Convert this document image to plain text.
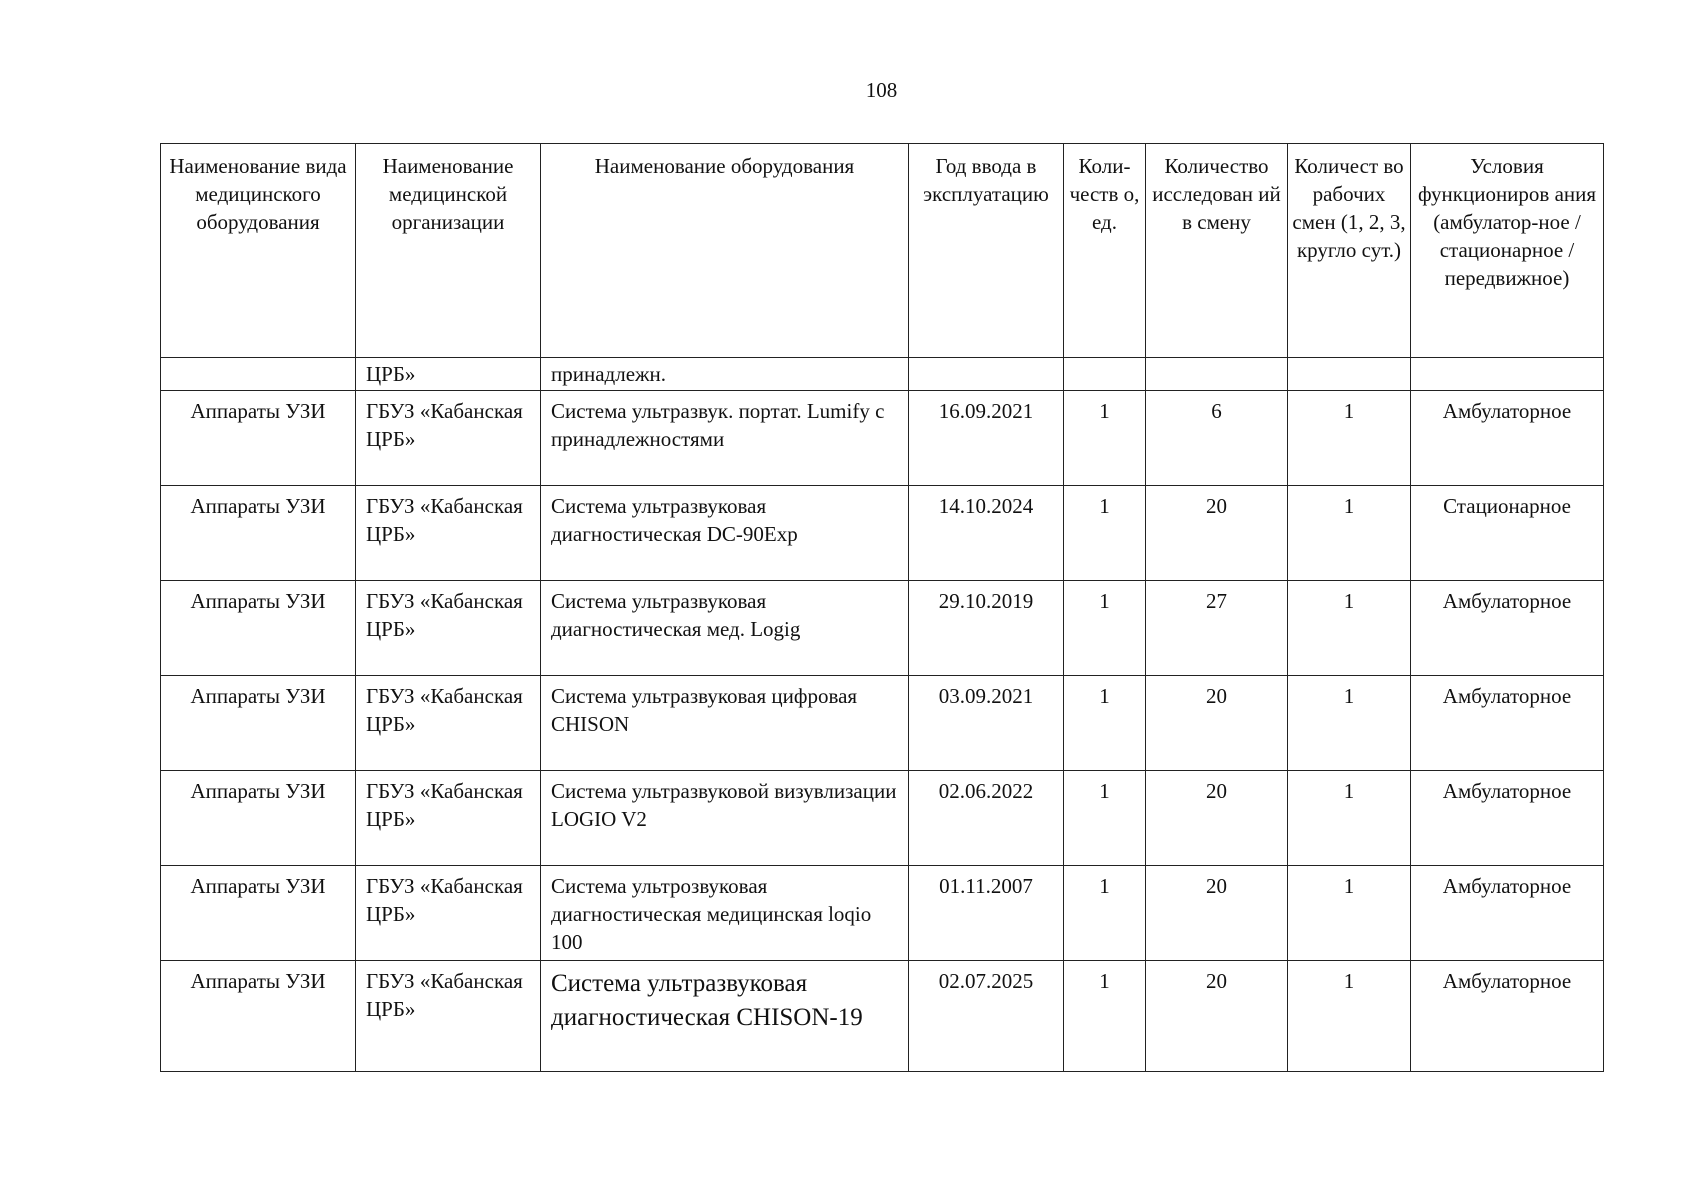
108
Наименование вида медицинского оборудования	Наименование медицинской организации	Наименование оборудования	Год ввода в эксплуатацию	Коли-честв о, ед.	Количество исследован ий в смену	Количест во рабочих смен (1, 2, 3, кругло сут.)	Условия функциониров ания (амбулатор-ное / стационарное / передвижное)
	ЦРБ»	принадлежн.					
Аппараты УЗИ	ГБУЗ «Кабанская ЦРБ»	Система ультразвук. портат. Lumify с принадлежностями	16.09.2021	1	6	1	Амбулаторное
Аппараты УЗИ	ГБУЗ «Кабанская ЦРБ»	Система ультразвуковая диагностическая DC-90Exp	14.10.2024	1	20	1	Стационарное
Аппараты УЗИ	ГБУЗ «Кабанская ЦРБ»	Система ультразвуковая диагностическая мед. Logig	29.10.2019	1	27	1	Амбулаторное
Аппараты УЗИ	ГБУЗ «Кабанская ЦРБ»	Система ультразвуковая цифровая CHISON	03.09.2021	1	20	1	Амбулаторное
Аппараты УЗИ	ГБУЗ «Кабанская ЦРБ»	Система ультразвуковой визувлизации LOGIO V2	02.06.2022	1	20	1	Амбулаторное
Аппараты УЗИ	ГБУЗ «Кабанская ЦРБ»	Система ультрозвуковая диагностическая медицинская loqio 100	01.11.2007	1	20	1	Амбулаторное
Аппараты УЗИ	ГБУЗ «Кабанская ЦРБ»	Система ультразвуковая диагностическая CHISON-19	02.07.2025	1	20	1	Амбулаторное
